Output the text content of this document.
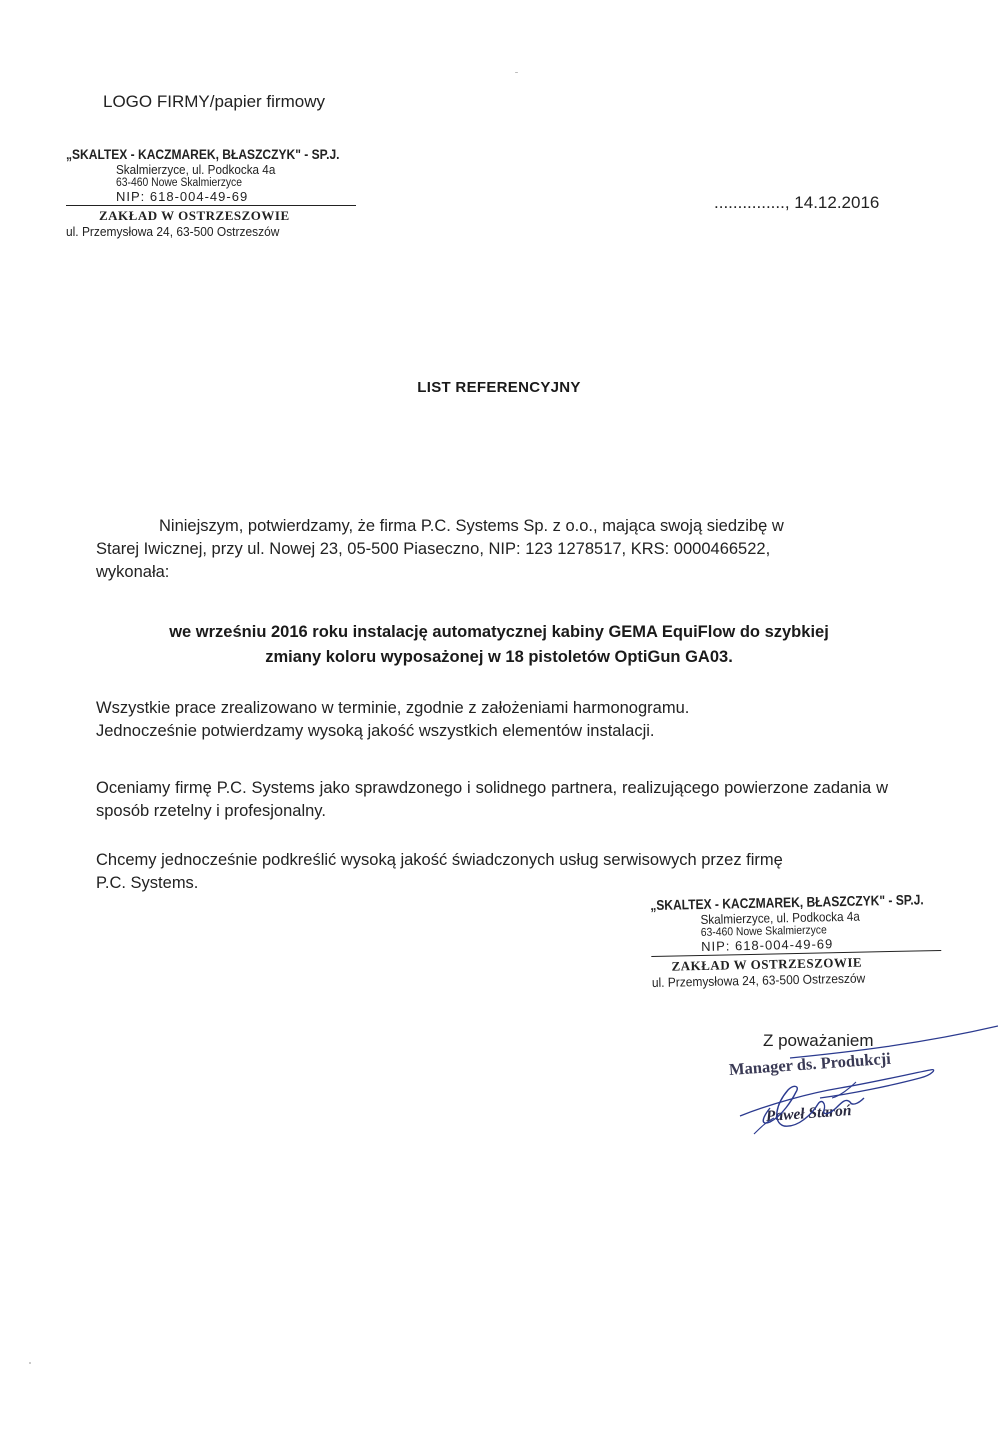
LOGO FIRMY/papier firmowy
„SKALTEX - KACZMAREK, BŁASZCZYK" - SP.J.
Skalmierzyce, ul. Podkocka 4a
63-460 Nowe Skalmierzyce
NIP: 618-004-49-69
ZAKŁAD W OSTRZESZOWIE
ul. Przemysłowa 24, 63-500 Ostrzeszów
..............., 14.12.2016
LIST REFERENCYJNY
Niniejszym, potwierdzamy, że firma P.C. Systems Sp. z o.o., mająca swoją siedzibę w
Starej Iwicznej, przy ul. Nowej 23, 05-500 Piaseczno, NIP: 123 1278517, KRS: 0000466522,
wykonała:
we wrześniu 2016 roku instalację automatycznej kabiny GEMA EquiFlow do szybkiej
zmiany koloru wyposażonej w 18 pistoletów OptiGun GA03.
Wszystkie prace zrealizowano w terminie, zgodnie z założeniami harmonogramu.
Jednocześnie potwierdzamy wysoką jakość wszystkich elementów instalacji.
Oceniamy firmę P.C. Systems jako sprawdzonego i solidnego partnera, realizującego powierzone zadania w sposób rzetelny i profesjonalny.
Chcemy jednocześnie podkreślić wysoką jakość świadczonych usług serwisowych przez firmę
P.C. Systems.
„SKALTEX - KACZMAREK, BŁASZCZYK" - SP.J.
Skalmierzyce, ul. Podkocka 4a
63-460 Nowe Skalmierzyce
NIP: 618-004-49-69
ZAKŁAD W OSTRZESZOWIE
ul. Przemysłowa 24, 63-500 Ostrzeszów
Z poważaniem
Manager ds. Produkcji
Paweł Staroń
